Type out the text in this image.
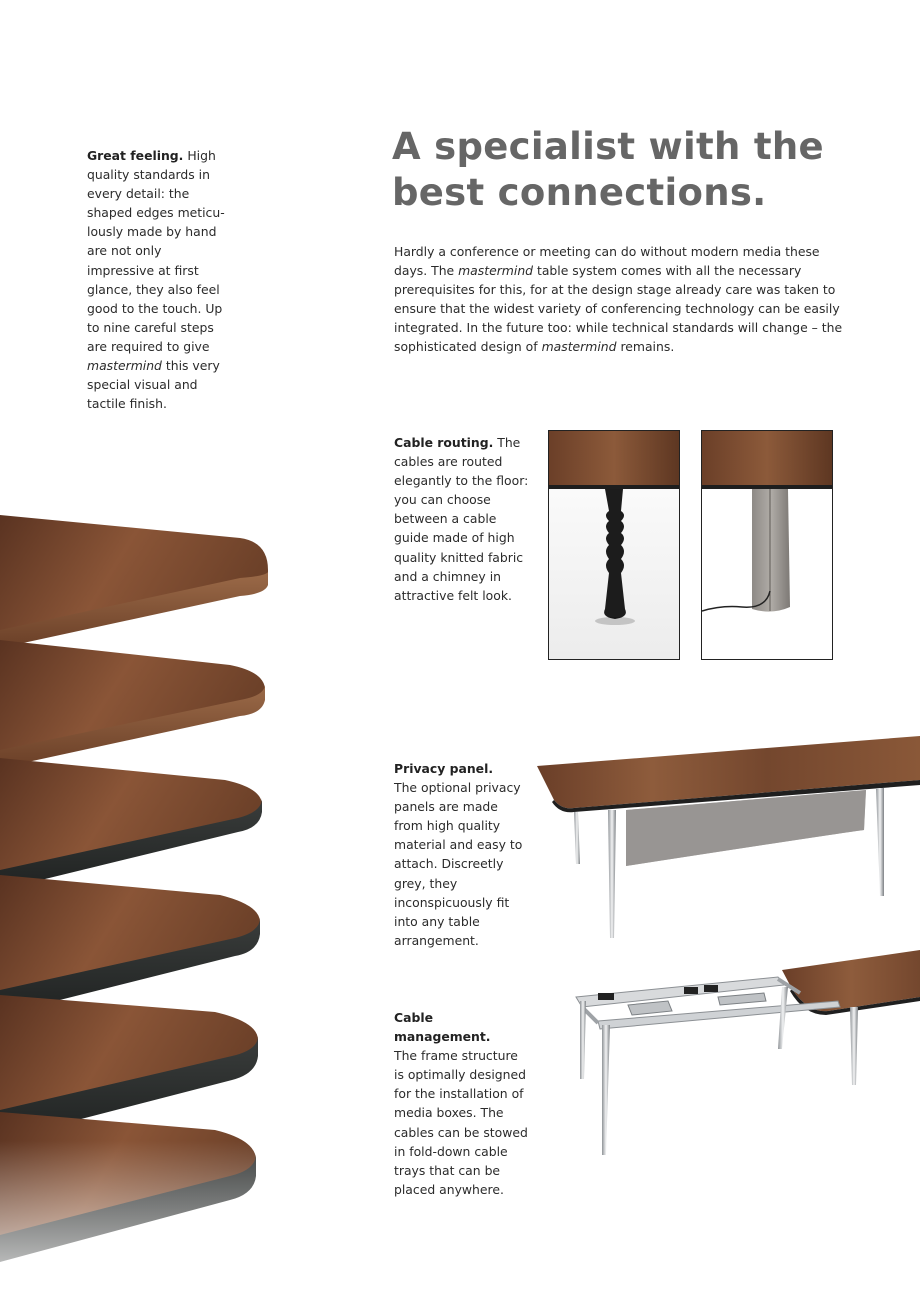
Great feeling. High quality standards in every detail: the shaped edges meticu-lously made by hand are not only impressive at first glance, they also feel good to the touch. Up to nine careful steps are required to give mastermind this very special visual and tactile finish.
A specialist with the best connections.
Hardly a conference or meeting can do without modern media these days. The mastermind table system comes with all the necessary prerequisites for this, for at the design stage already care was taken to ensure that the widest variety of conferencing technology can be easily integrated. In the future too: while technical standards will change – the sophisticated design of mastermind remains.
Cable routing. The cables are routed elegantly to the floor: you can choose between a cable guide made of high quality knitted fabric and a chimney in attractive felt look.
Privacy panel.
The optional privacy panels are made from high quality material and easy to attach. Discreetly grey, they inconspicuously fit into any table arrangement.
Cable management.
The frame structure is optimally designed for the installation of media boxes. The cables can be stowed in fold-down cable trays that can be placed anywhere.
